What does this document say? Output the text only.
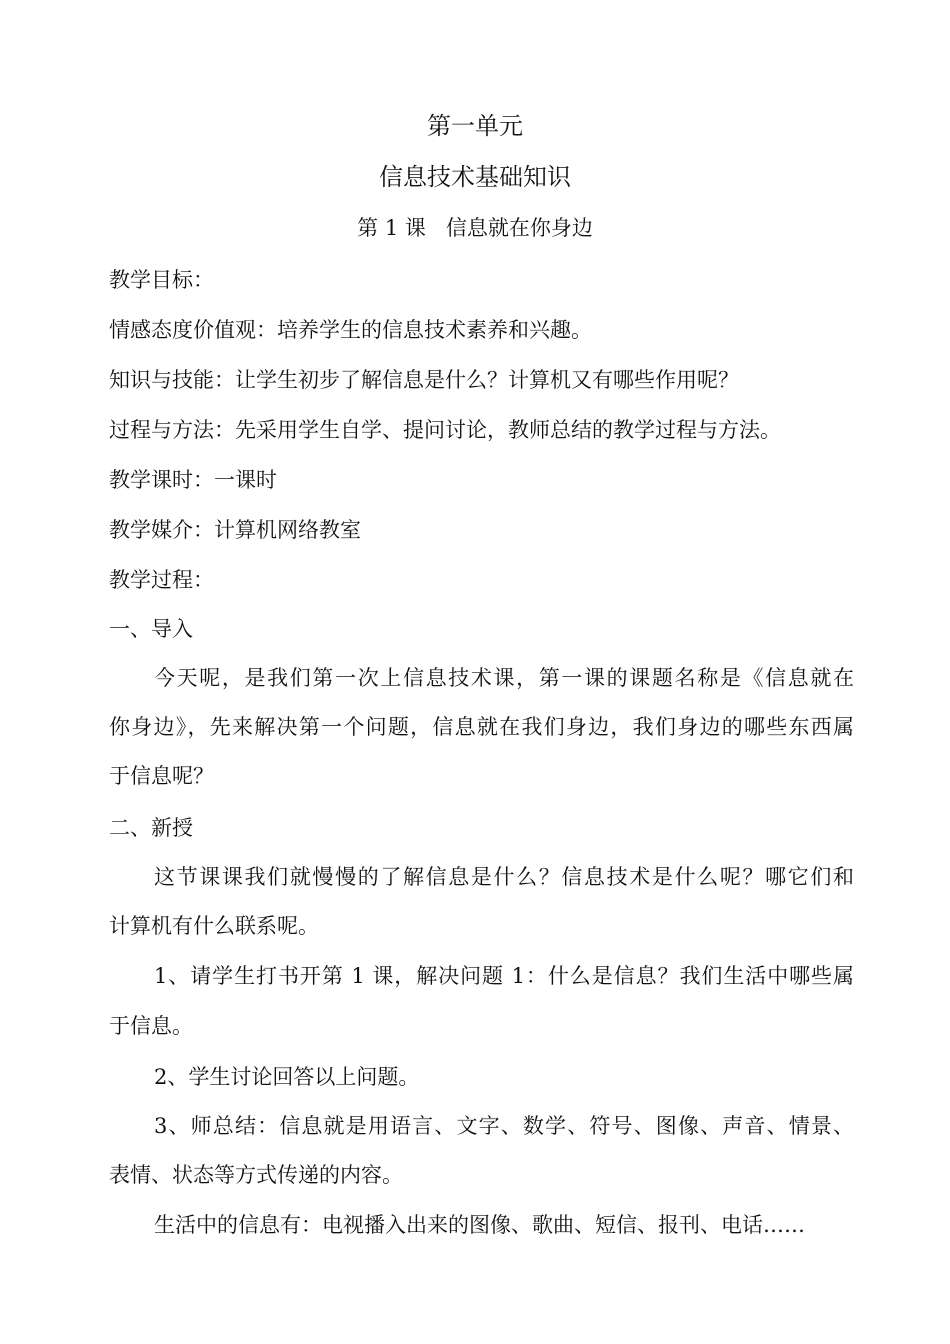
第一单元
信息技术基础知识
第 1 课 信息就在你身边
教学目标：
情感态度价值观：培养学生的信息技术素养和兴趣。
知识与技能：让学生初步了解信息是什么？计算机又有哪些作用呢？
过程与方法：先采用学生自学、提问讨论，教师总结的教学过程与方法。
教学课时：一课时
教学媒介：计算机网络教室
教学过程：
一、导入
今天呢，是我们第一次上信息技术课，第一课的课题名称是《信息就在
你身边》，先来解决第一个问题，信息就在我们身边，我们身边的哪些东西属
于信息呢？
二、新授
这节课课我们就慢慢的了解信息是什么？信息技术是什么呢？哪它们和
计算机有什么联系呢。
1、请学生打书开第 1 课，解决问题 1：什么是信息？我们生活中哪些属
于信息。
2、学生讨论回答以上问题。
3、师总结：信息就是用语言、文字、数学、符号、图像、声音、情景、
表情、状态等方式传递的内容。
生活中的信息有：电视播入出来的图像、歌曲、短信、报刊、电话……
